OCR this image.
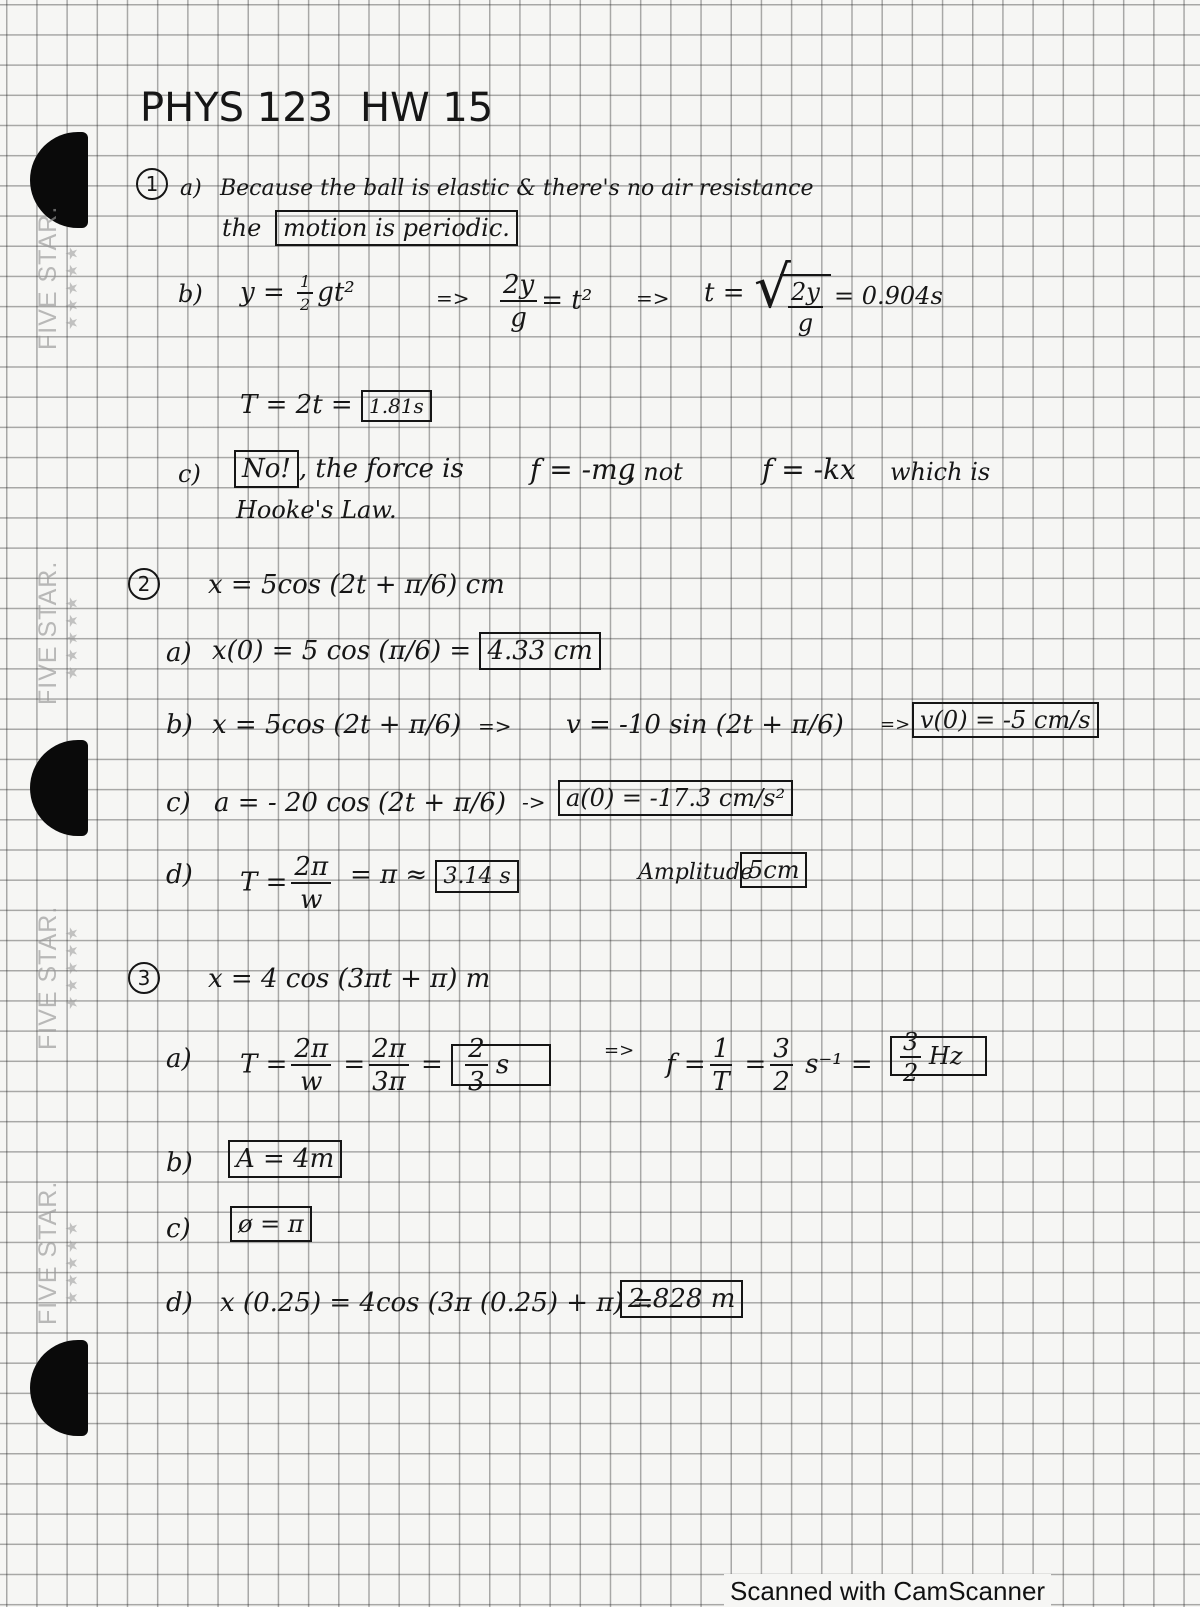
FIVE STAR. ★★★★★
FIVE STAR. ★★★★★
FIVE STAR. ★★★★★
FIVE STAR. ★★★★★
PHYS 123 HW 15
1 a) Because the ball is elastic & there's no air resistance
the motion is periodic.
b) $y = \frac{1}{2} gt^2$	=> $\frac{2y}{g} = t^2 => t$ =
√ $\frac{2y}{g} = 0.904s$
T = 2t = 1.81s
c)	No! , the force is f = -mg
, not	f = -kx which is
Hooke's Law.
2	x = 5cos (2t + π/6) cm
a) x(0) = 5 cos (π/6) = 4.33 cm
b) x = 5cos (2t + π/6) => v = -10 sin (2t + π/6) => v(0) = -5 cm/s
c) a = - 20 cos (2t + π/6) -> a(0) = -17.3 cm/s²
d) $T = \frac{2\pi}{w} = \pi \approx 3.14$ s	Amplitude
5cm
3	x = 4 cos (3πt + π) m
a) $T = \frac{2\pi}{w} = \frac{2\pi}{3\pi} = \frac{2}{3}$ s	=> $f = \frac{1}{T} = \frac{3}{2} s^{-1} = \frac{3}{2}$ Hz
b)	A = 4m
c)	ø = π
d) x (0.25) = 4cos (3π (0.25) + π) =
2.828 m
Scanned with CamScanner
